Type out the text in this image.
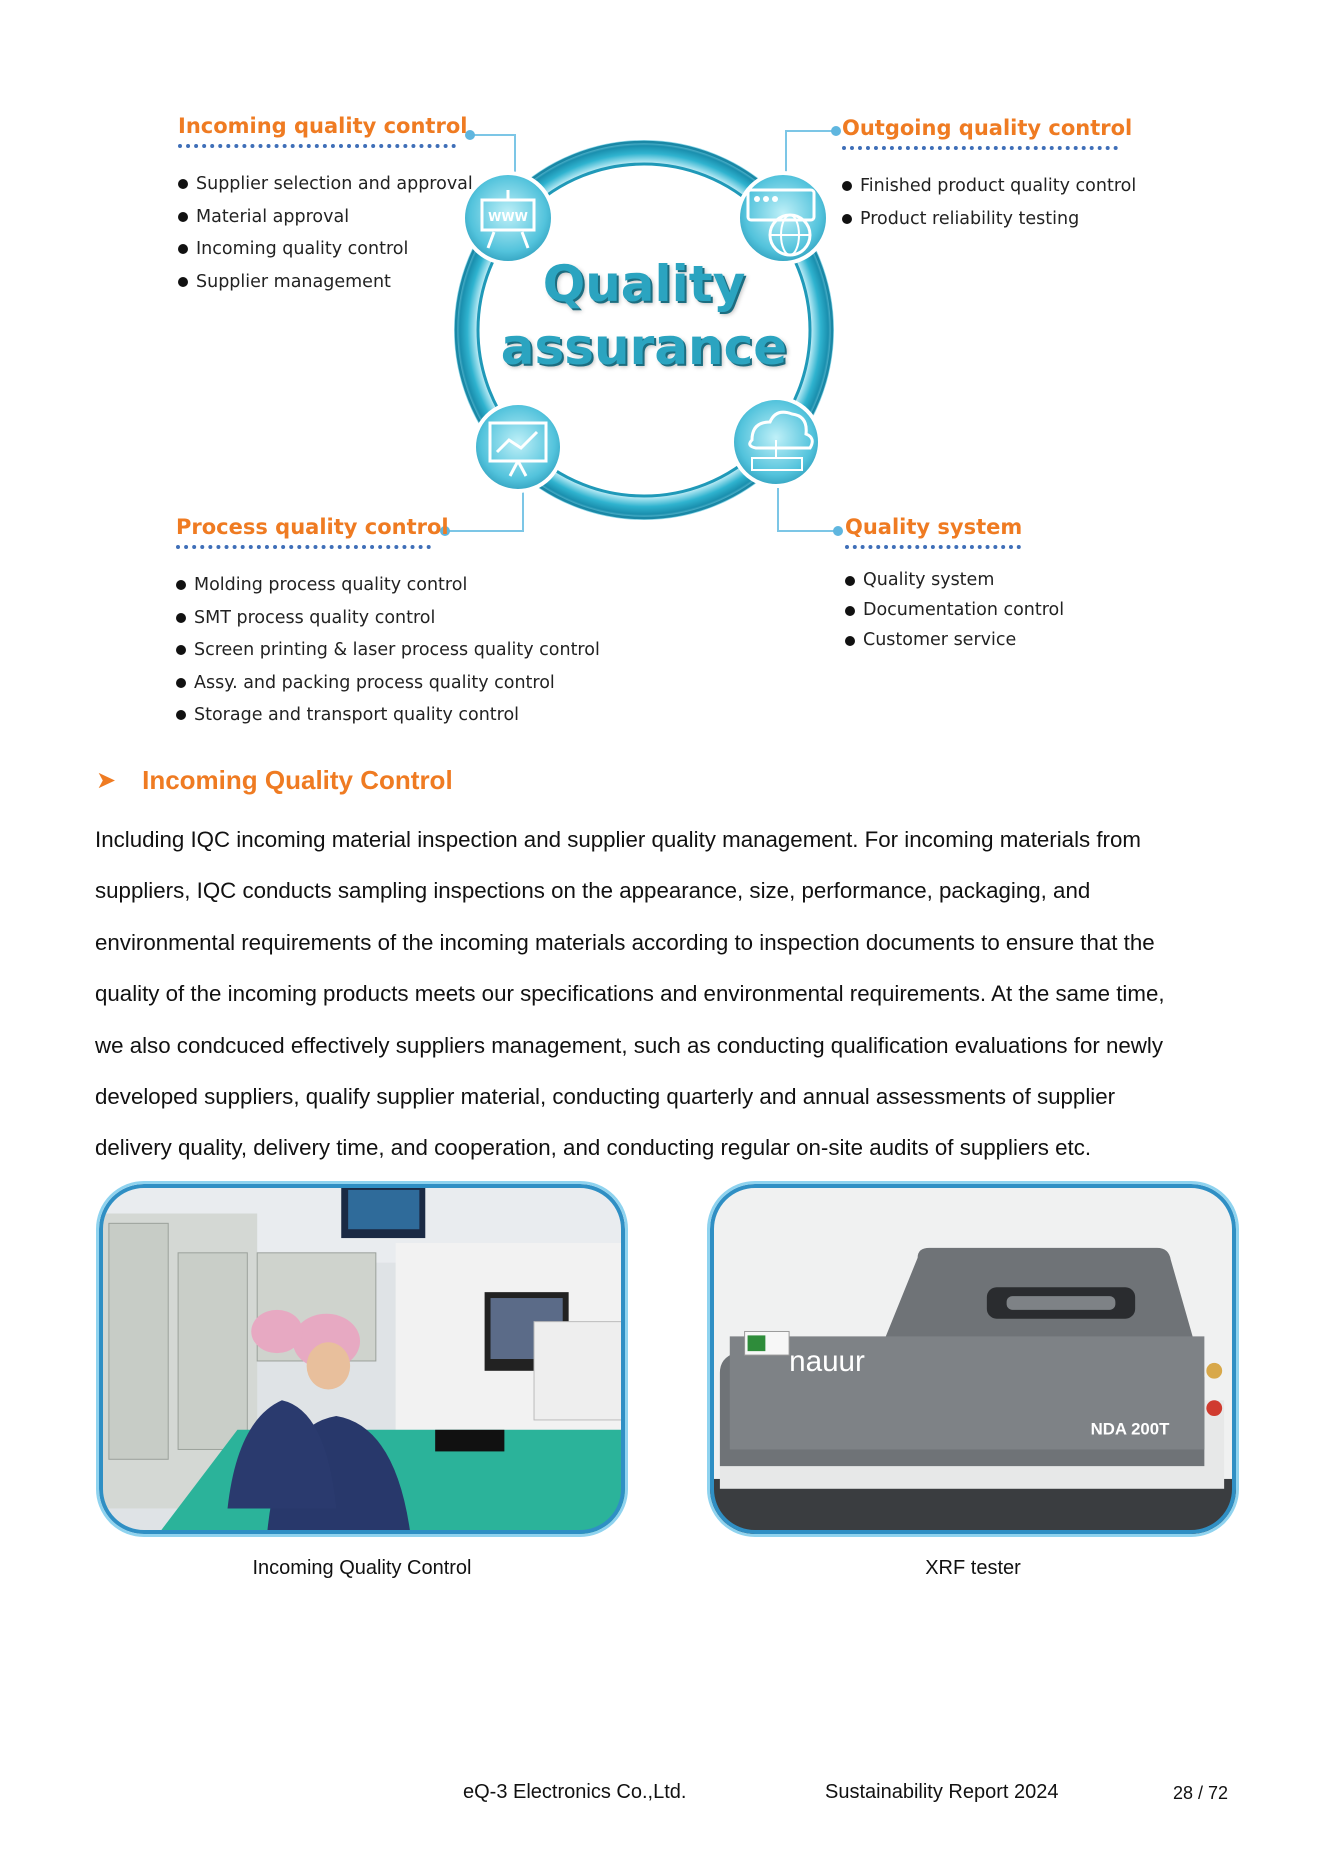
WWW
Quality
assurance
Incoming quality control
Supplier selection and approval
Material approval
Incoming quality control
Supplier management
Outgoing quality control
Finished product quality control
Product reliability testing
Process quality control
Molding process quality control
SMT process quality control
Screen printing & laser process quality control
Assy. and packing process quality control
Storage and transport quality control
Quality system
Quality system
Documentation control
Customer service
➤ Incoming Quality Control

Including IQC incoming material inspection and supplier quality management. For incoming materials from
suppliers, IQC conducts sampling inspections on the appearance, size, performance, packaging, and
environmental requirements of the incoming materials according to inspection documents to ensure that the
quality of the incoming products meets our specifications and environmental requirements. At the same time,
we also condcuced effectively suppliers management, such as conducting qualification evaluations for newly
developed suppliers, qualify supplier material, conducting quarterly and annual assessments of supplier
delivery quality, delivery time, and cooperation, and conducting regular on-site audits of suppliers etc.

Incoming Quality Control
nauur
NDA 200T
XRF tester
eQ-3 Electronics Co.,Ltd.	Sustainability Report 2024	28 / 72
